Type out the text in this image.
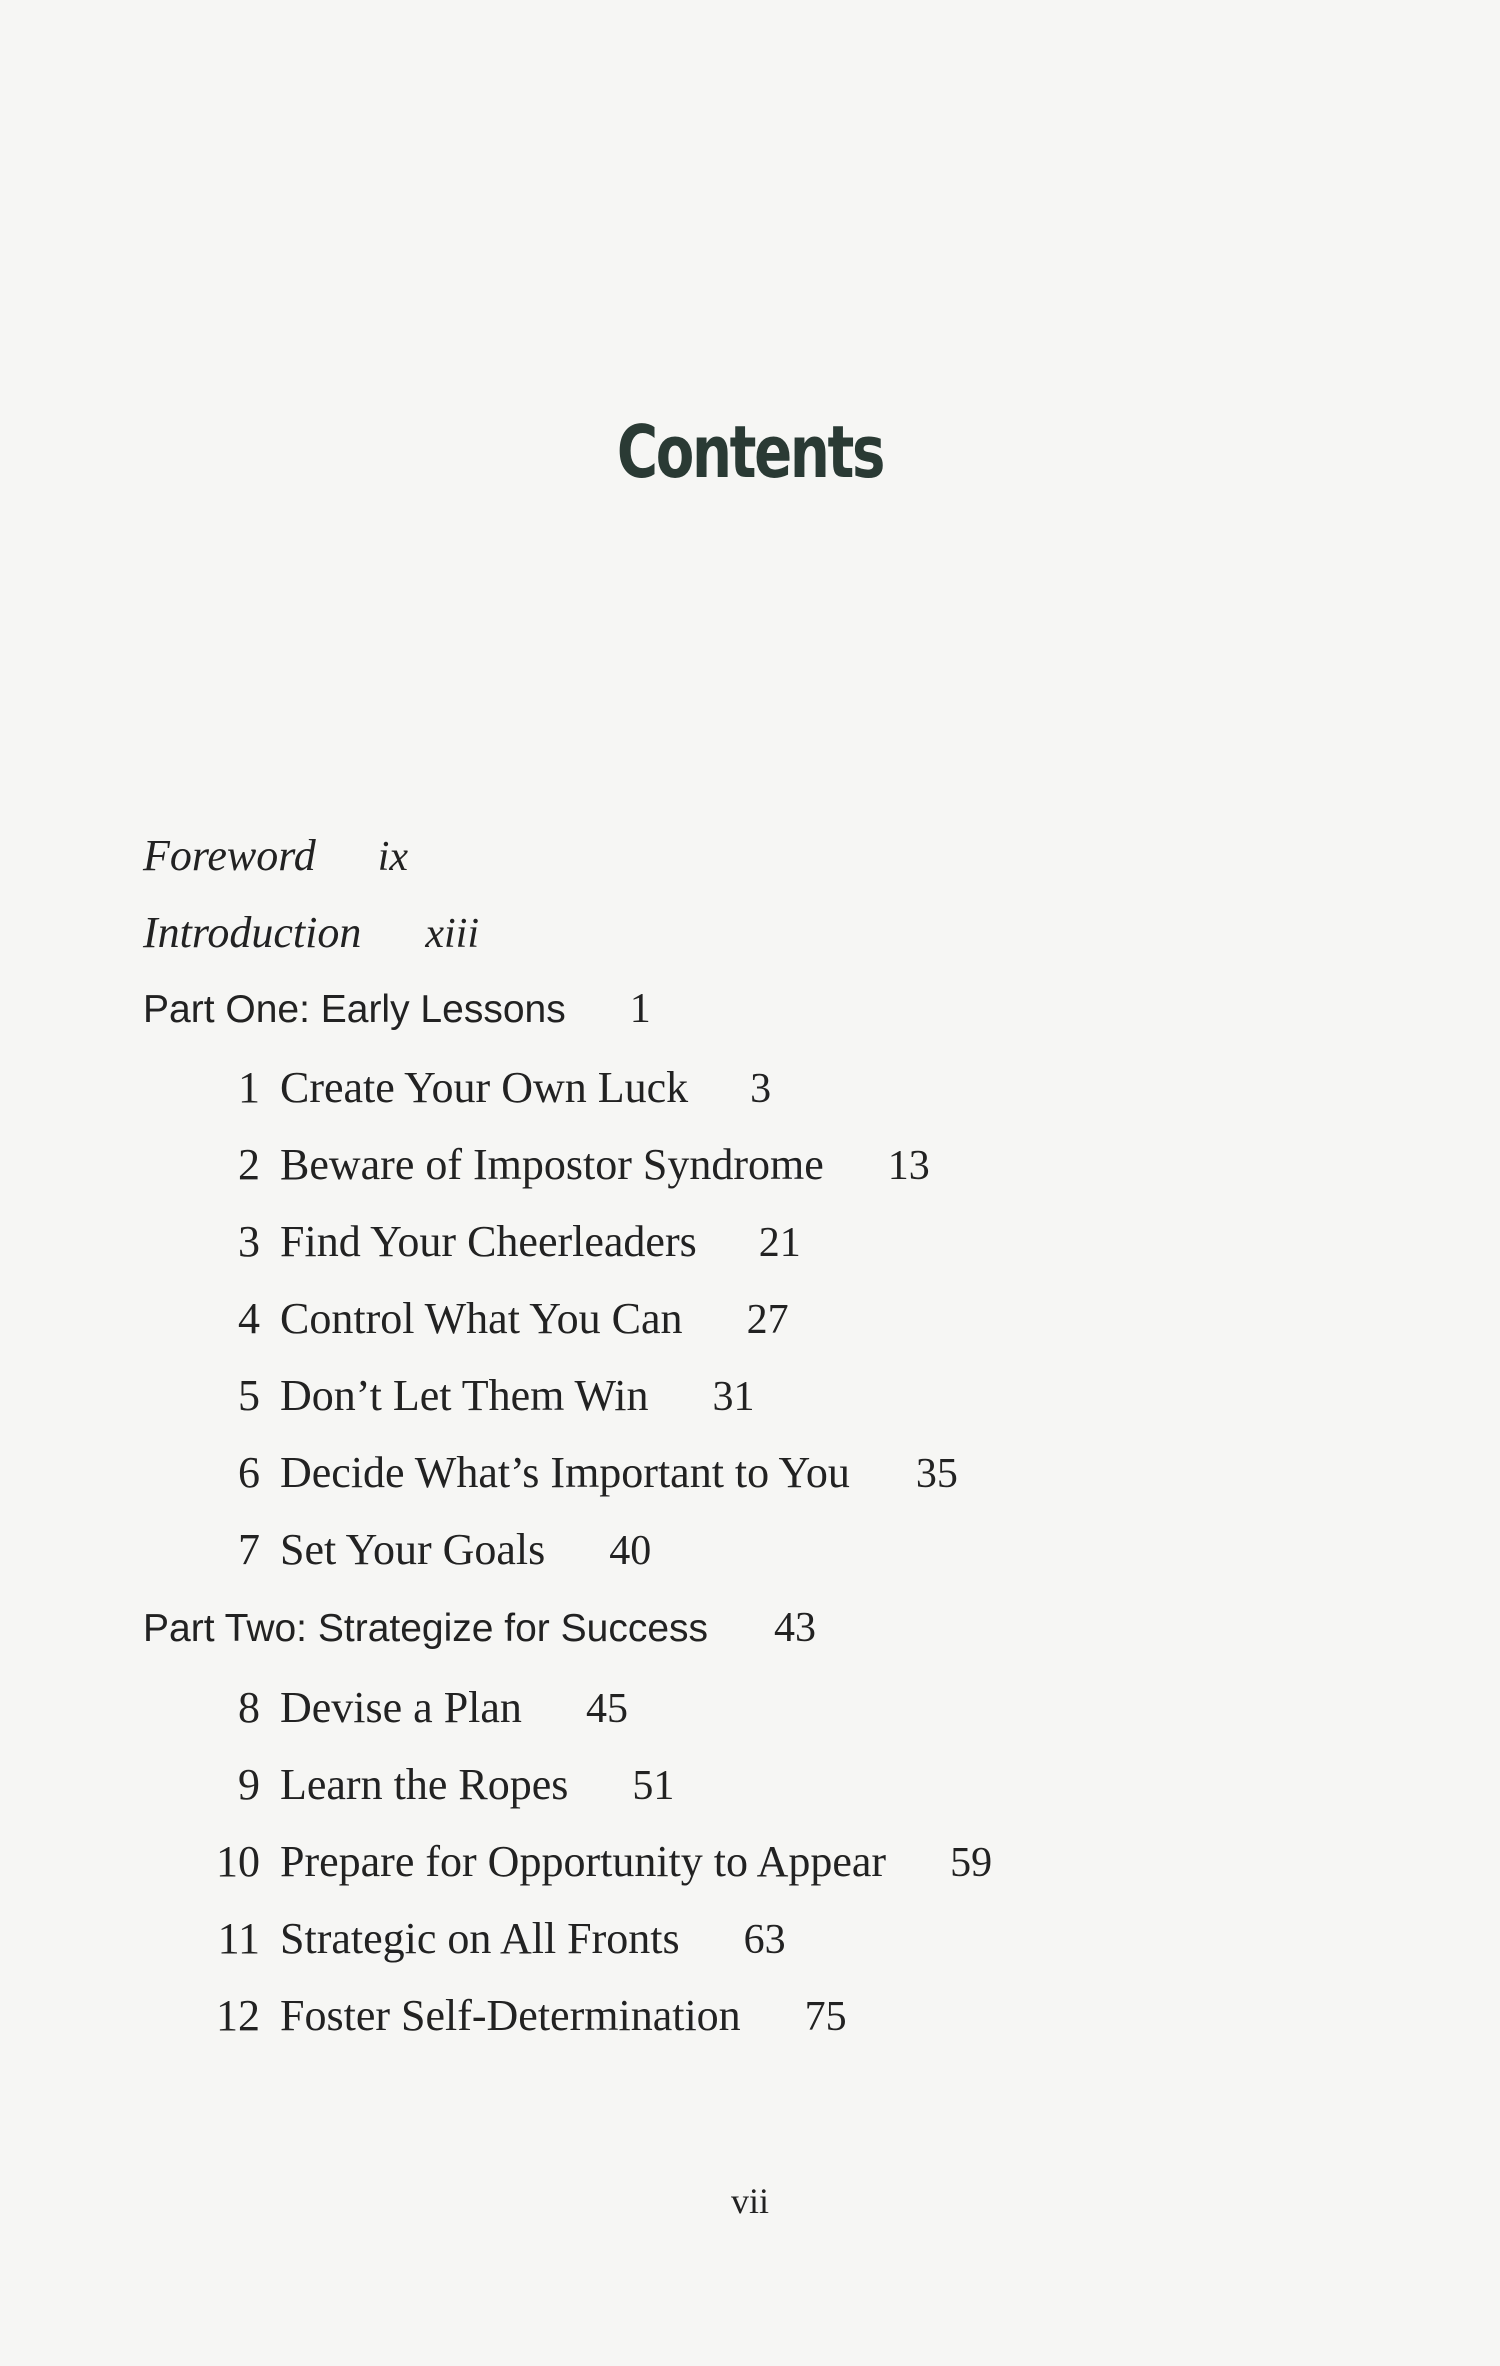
Contents
Foreword ix
Introduction xiii
Part One: Early Lessons 1
1 Create Your Own Luck 3
2 Beware of Impostor Syndrome 13
3 Find Your Cheerleaders 21
4 Control What You Can 27
5 Don’t Let Them Win 31
6 Decide What’s Important to You 35
7 Set Your Goals 40
Part Two: Strategize for Success 43
8 Devise a Plan 45
9 Learn the Ropes 51
10 Prepare for Opportunity to Appear 59
11 Strategic on All Fronts 63
12 Foster Self-Determination 75
vii
